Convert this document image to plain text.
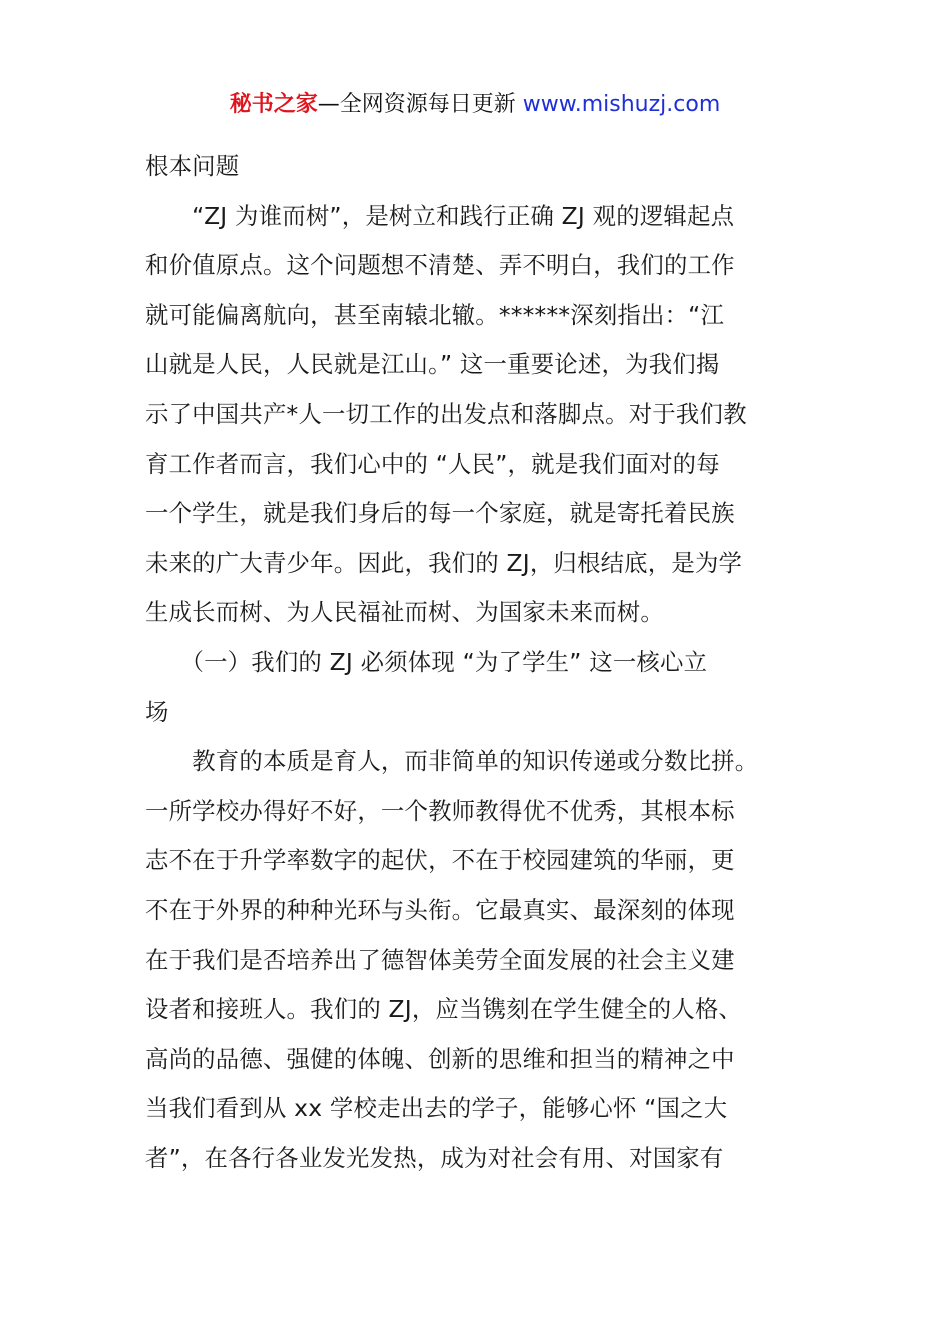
秘书之家—全网资源每日更新 www.mishuzj.com
根本问题
　　“ZJ 为谁而树”，是树立和践行正确 ZJ 观的逻辑起点
和价值原点。这个问题想不清楚、弄不明白，我们的工作
就可能偏离航向，甚至南辕北辙。******深刻指出：“江
山就是人民，人民就是江山。” 这一重要论述，为我们揭
示了中国共产*人一切工作的出发点和落脚点。对于我们教
育工作者而言，我们心中的 “人民”，就是我们面对的每
一个学生，就是我们身后的每一个家庭，就是寄托着民族
未来的广大青少年。因此，我们的 ZJ，归根结底，是为学
生成长而树、为人民福祉而树、为国家未来而树。
　　（一）我们的 ZJ 必须体现 “为了学生” 这一核心立
场
　　教育的本质是育人，而非简单的知识传递或分数比拼。
一所学校办得好不好，一个教师教得优不优秀，其根本标
志不在于升学率数字的起伏，不在于校园建筑的华丽，更
不在于外界的种种光环与头衔。它最真实、最深刻的体现
在于我们是否培养出了德智体美劳全面发展的社会主义建
设者和接班人。我们的 ZJ，应当镌刻在学生健全的人格、
高尚的品德、强健的体魄、创新的思维和担当的精神之中
当我们看到从 xx 学校走出去的学子，能够心怀 “国之大
者”，在各行各业发光发热，成为对社会有用、对国家有
